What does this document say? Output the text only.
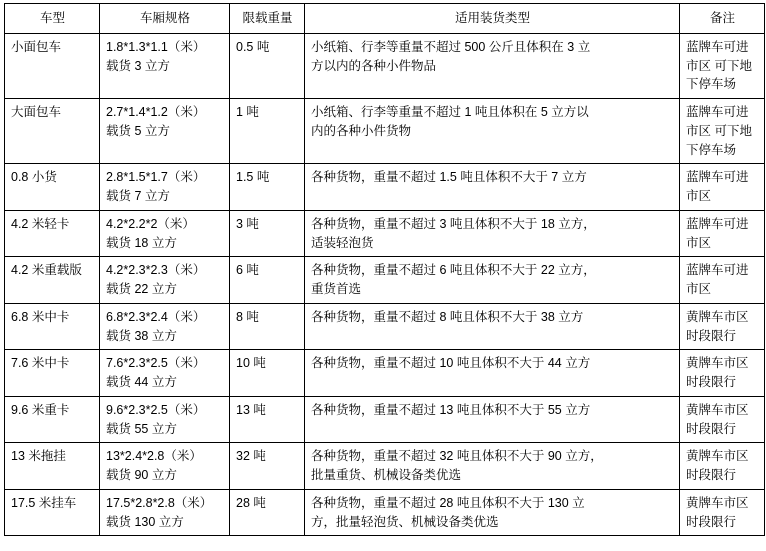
车型	车厢规格	限载重量	适用装货类型	备注

小面包车	1.8*1.3*1.1（米）
载货 3 立方	0.5 吨	小纸箱、行李等重量不超过 500 公斤且体积在 3 立
方以内的各种小件物品	蓝牌车可进
市区 可下地
下停车场

大面包车	2.7*1.4*1.2（米）
载货 5 立方	1 吨	小纸箱、行李等重量不超过 1 吨且体积在 5 立方以
内的各种小件货物	蓝牌车可进
市区 可下地
下停车场

0.8 小货	2.8*1.5*1.7（米）
载货 7 立方	1.5 吨	各种货物，重量不超过 1.5 吨且体积不大于 7 立方	蓝牌车可进
市区

4.2 米轻卡	4.2*2.2*2（米）
载货 18 立方	3 吨	各种货物，重量不超过 3 吨且体积不大于 18 立方，
适装轻泡货	蓝牌车可进
市区

4.2 米重载版	4.2*2.3*2.3（米）
载货 22 立方	6 吨	各种货物，重量不超过 6 吨且体积不大于 22 立方，
重货首选	蓝牌车可进
市区

6.8 米中卡	6.8*2.3*2.4（米）
载货 38 立方	8 吨	各种货物，重量不超过 8 吨且体积不大于 38 立方	黄牌车市区
时段限行

7.6 米中卡	7.6*2.3*2.5（米）
载货 44 立方	10 吨	各种货物，重量不超过 10 吨且体积不大于 44 立方	黄牌车市区
时段限行

9.6 米重卡	9.6*2.3*2.5（米）
载货 55 立方	13 吨	各种货物，重量不超过 13 吨且体积不大于 55 立方	黄牌车市区
时段限行

13 米拖挂	13*2.4*2.8（米）
载货 90 立方	32 吨	各种货物，重量不超过 32 吨且体积不大于 90 立方，
批量重货、机械设备类优选	黄牌车市区
时段限行

17.5 米挂车	17.5*2.8*2.8（米）
载货 130 立方	28 吨	各种货物，重量不超过 28 吨且体积不大于 130 立
方，批量轻泡货、机械设备类优选	黄牌车市区
时段限行
